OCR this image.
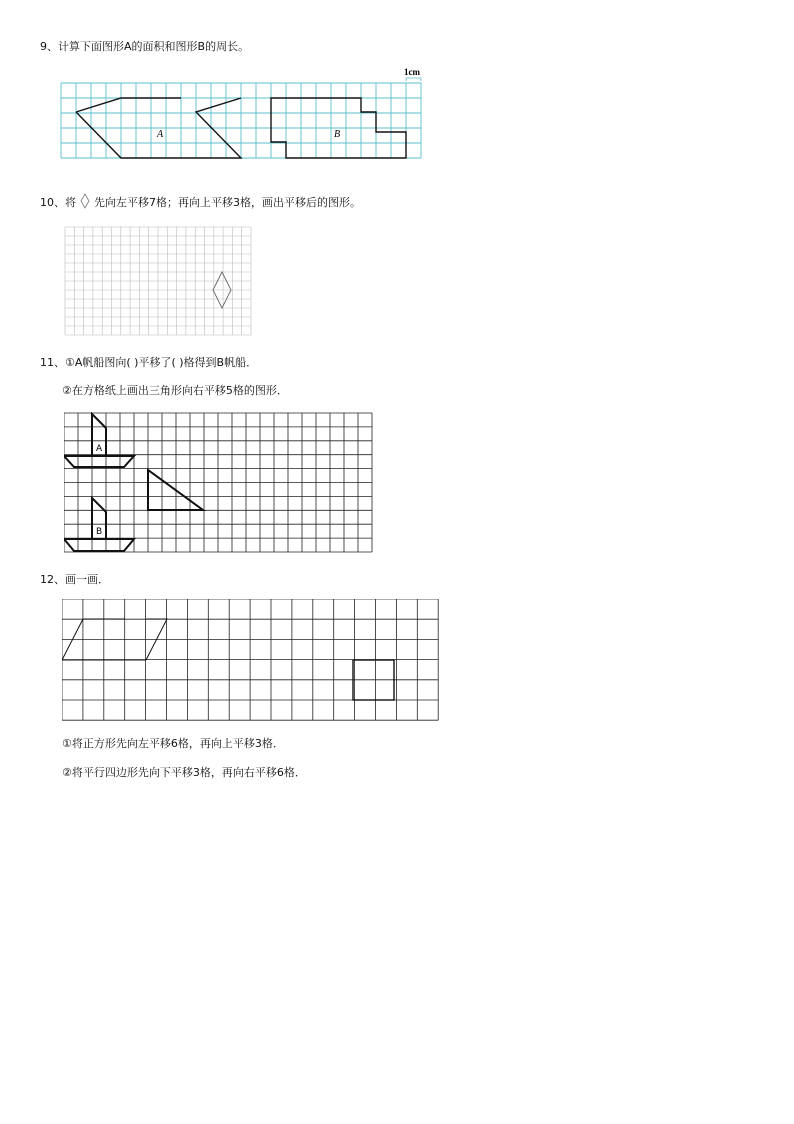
9、计算下面图形A的面积和图形B的周长。
A	B
1cm
10、将 先向左平移7格；再向上平移3格，画出平移后的图形。
11、①A帆船图向( )平移了( )格得到B帆船．
②在方格纸上画出三角形向右平移5格的图形．
A
B
12、画一画．
①将正方形先向左平移6格，再向上平移3格．
②将平行四边形先向下平移3格，再向右平移6格．
